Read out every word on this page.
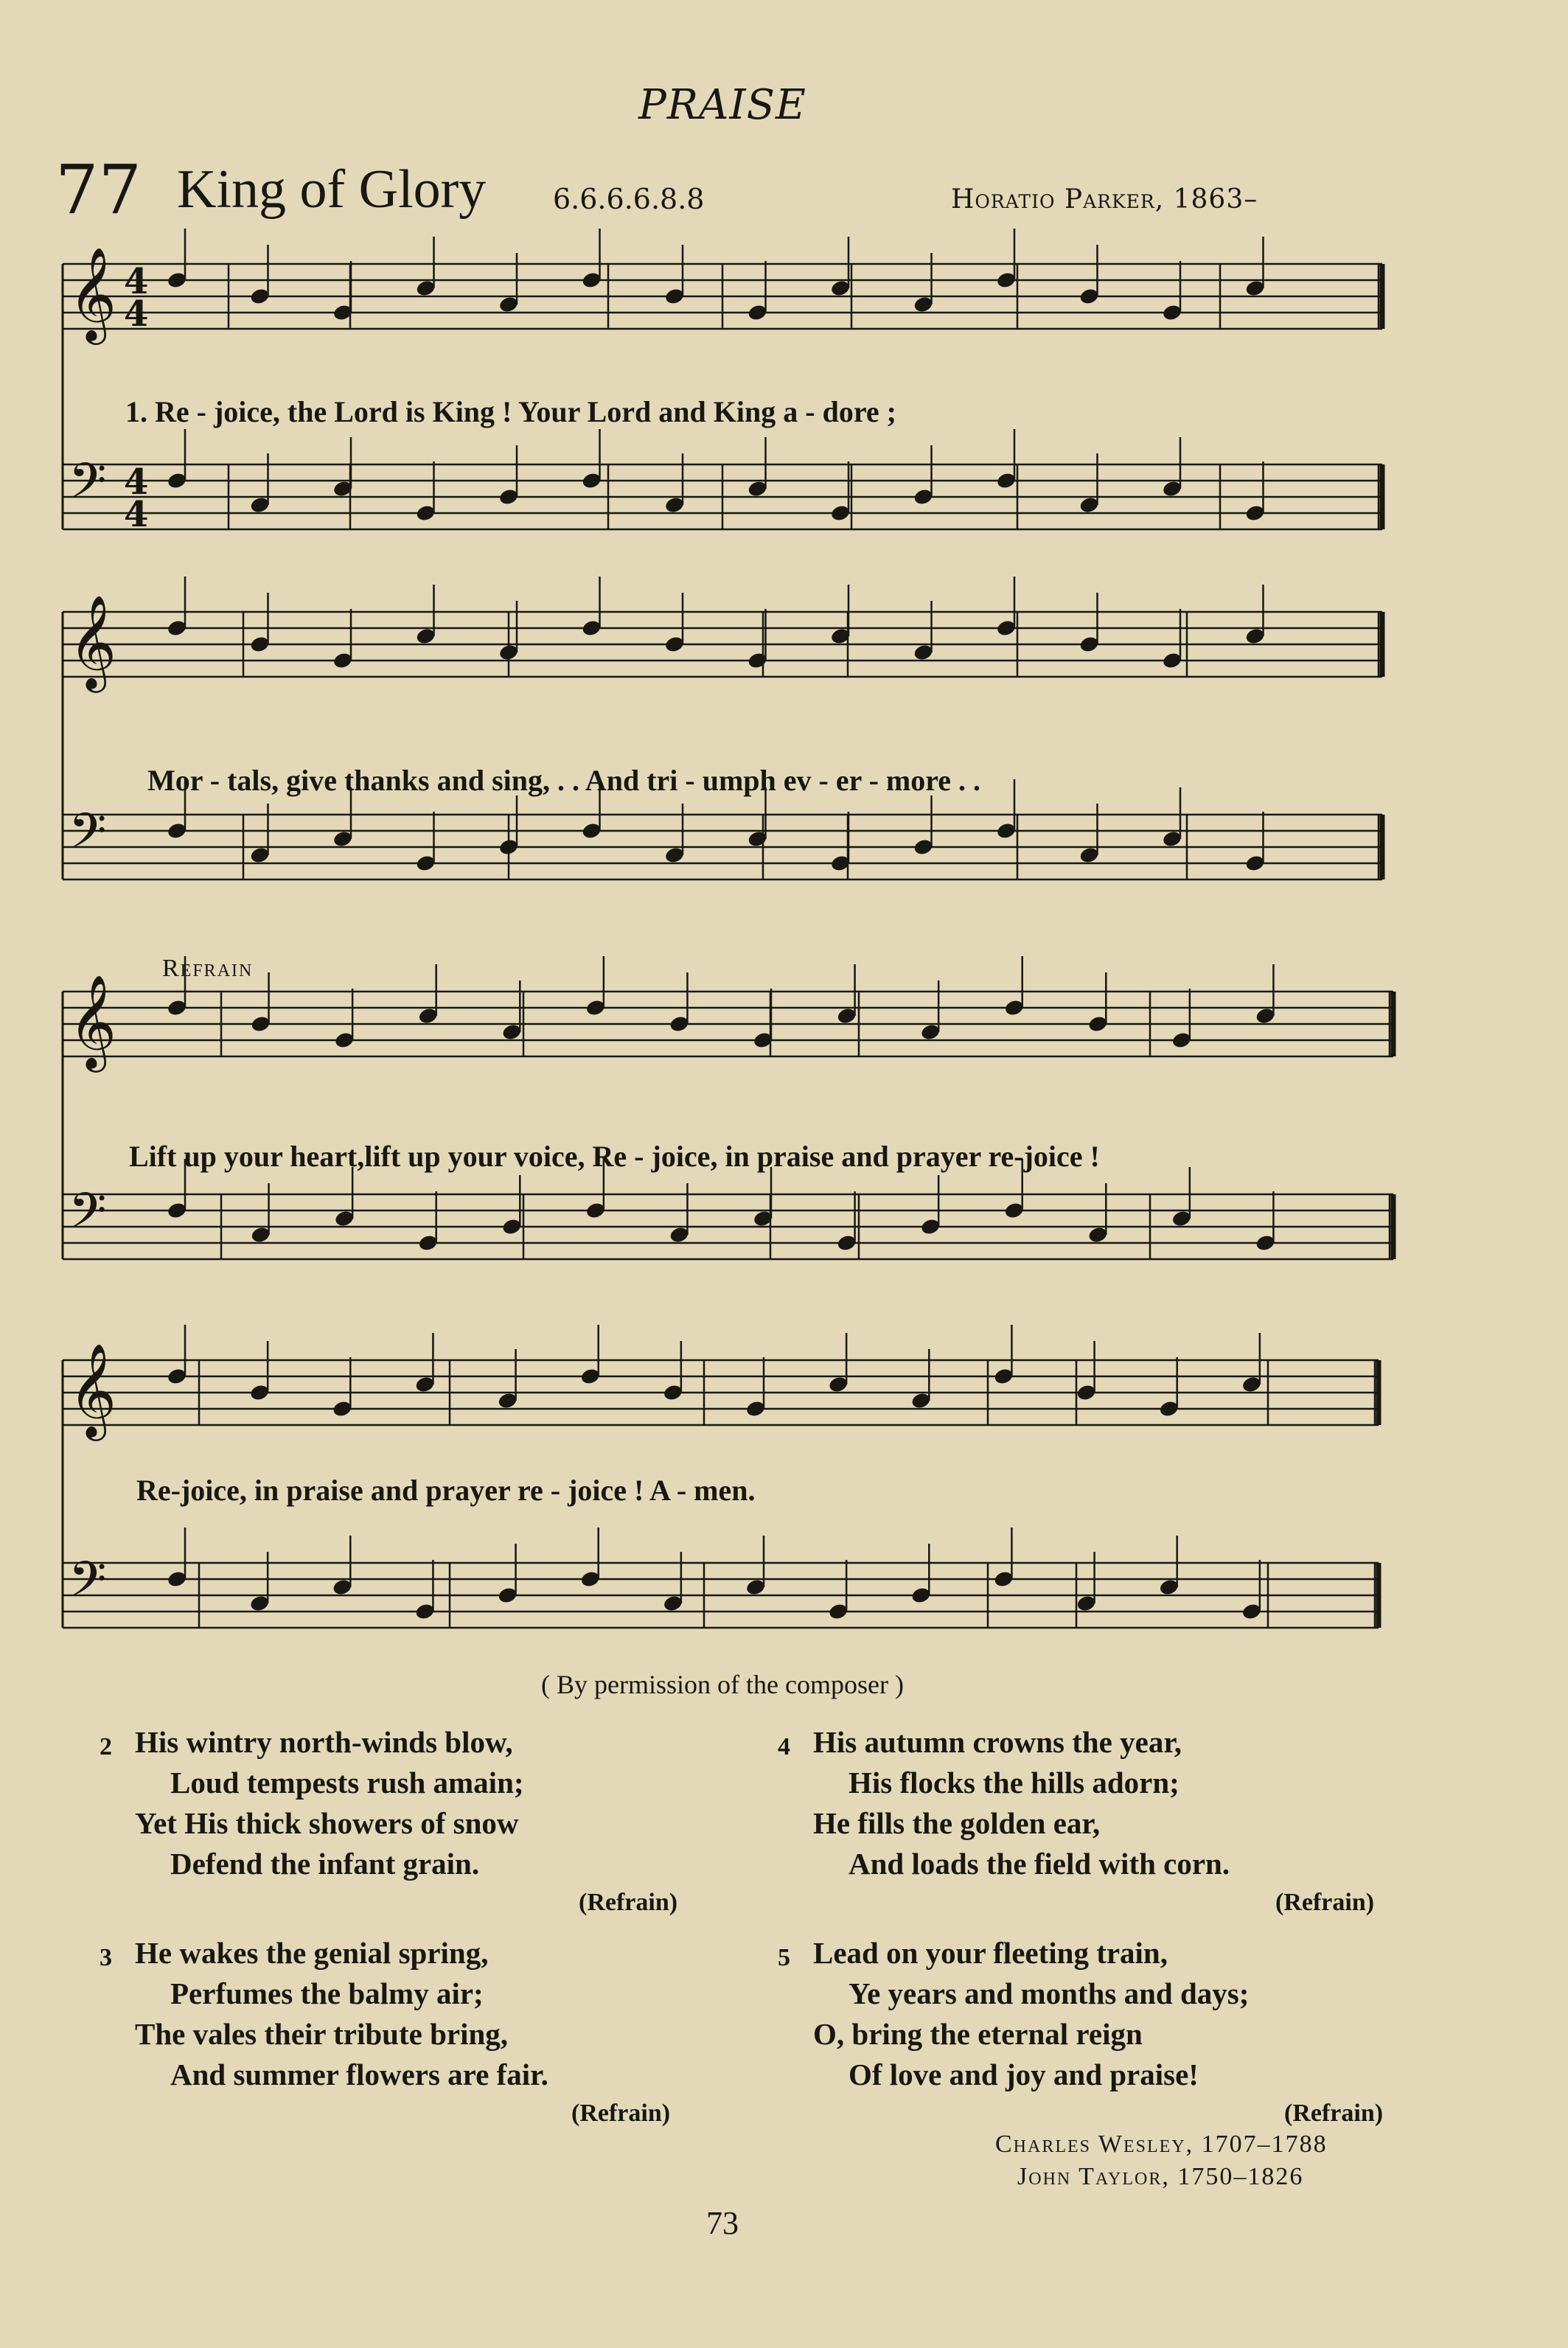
PRAISE
77 King of Glory 6.6.6.6.8.8	Horatio Parker, 1863–
𝄞
𝄢
𝄞
𝄢
𝄞
𝄢
𝄞
𝄢
4
4
4
4
1. Re - joice, the Lord is King ! Your Lord and King a - dore ;
Mor - tals, give thanks and sing, . . And tri - umph ev - er - more . .
Refrain
Lift up your heart,lift up your voice, Re - joice, in praise and prayer re-joice !
Re-joice, in praise and prayer re - joice ! A - men.
( By permission of the composer )
2 His wintry north-winds blow,
Loud tempests rush amain;
Yet His thick showers of snow
Defend the infant grain.
(Refrain)
3 He wakes the genial spring,
Perfumes the balmy air;
The vales their tribute bring,
And summer flowers are fair.
(Refrain)
4 His autumn crowns the year,
His flocks the hills adorn;
He fills the golden ear,
And loads the field with corn.
(Refrain)
5 Lead on your fleeting train,
Ye years and months and days;
O, bring the eternal reign
Of love and joy and praise!
(Refrain)
Charles Wesley, 1707–1788
John Taylor, 1750–1826
73
